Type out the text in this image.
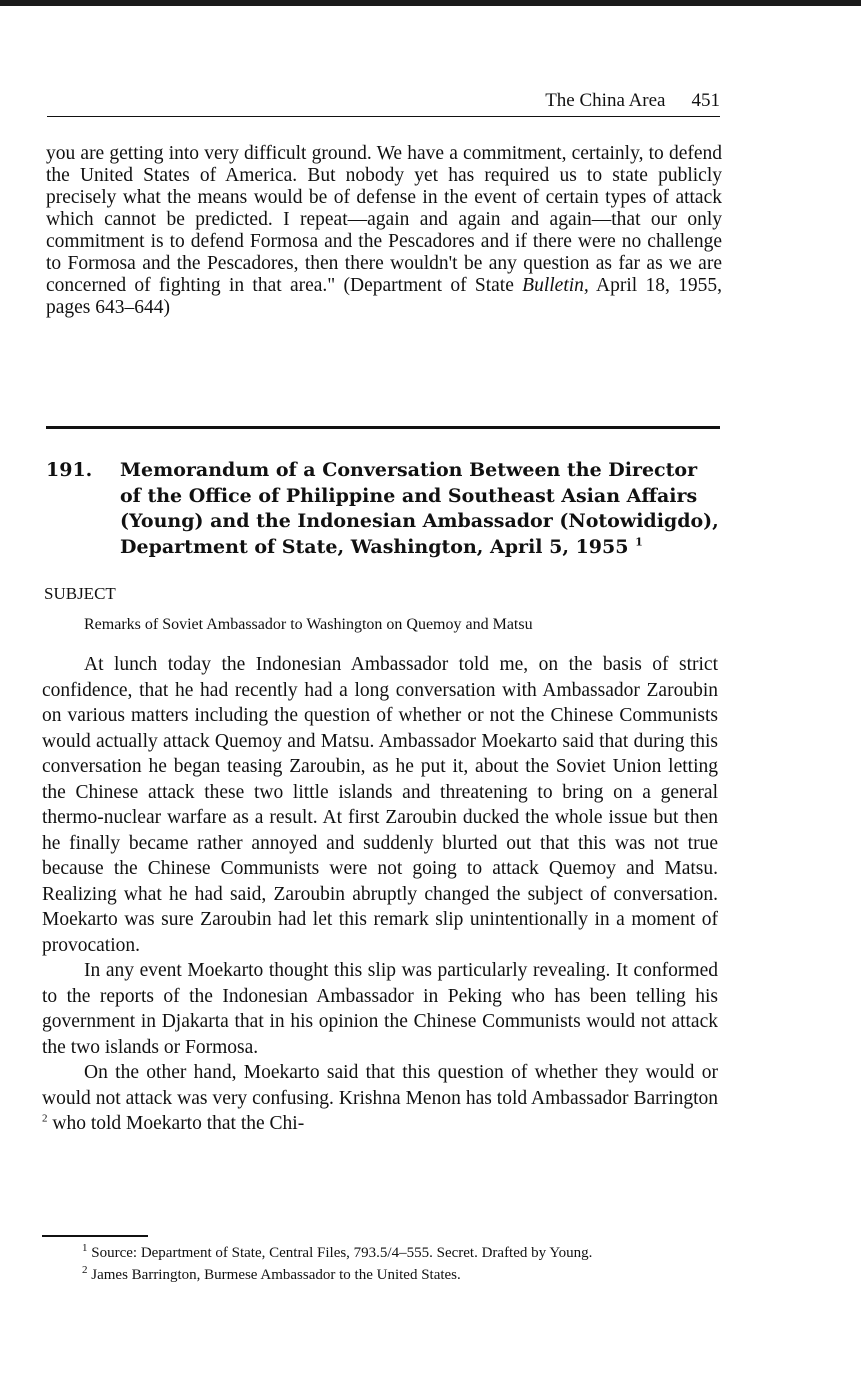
The China Area 451

you are getting into very difficult ground. We have a commitment, certainly, to defend the United States of America. But nobody yet has required us to state publicly precisely what the means would be of defense in the event of certain types of attack which cannot be predicted. I repeat—again and again and again—that our only commitment is to defend Formosa and the Pescadores and if there were no challenge to Formosa and the Pescadores, then there wouldn't be any question as far as we are concerned of fighting in that area." (Department of State Bulletin, April 18, 1955, pages 643–644)

191. Memorandum of a Conversation Between the Director of the Office of Philippine and Southeast Asian Affairs (Young) and the Indonesian Ambassador (Notowidigdo), Department of State, Washington, April 5, 1955 $^1$
SUBJECT
Remarks of Soviet Ambassador to Washington on Quemoy and Matsu

At lunch today the Indonesian Ambassador told me, on the basis of strict confidence, that he had recently had a long conversation with Ambassador Zaroubin on various matters including the question of whether or not the Chinese Communists would actually attack Quemoy and Matsu. Ambassador Moekarto said that during this conversation he began teasing Zaroubin, as he put it, about the Soviet Union letting the Chinese attack these two little islands and threatening to bring on a general thermo-nuclear warfare as a result. At first Zaroubin ducked the whole issue but then he finally became rather annoyed and suddenly blurted out that this was not true because the Chinese Communists were not going to attack Quemoy and Matsu. Realizing what he had said, Zaroubin abruptly changed the subject of conversation. Moekarto was sure Zaroubin had let this remark slip unintentionally in a moment of provocation.

In any event Moekarto thought this slip was particularly revealing. It conformed to the reports of the Indonesian Ambassador in Peking who has been telling his government in Djakarta that in his opinion the Chinese Communists would not attack the two islands or Formosa.

On the other hand, Moekarto said that this question of whether they would or would not attack was very confusing. Krishna Menon has told Ambassador Barrington $^2$ who told Moekarto that the Chi-

$^1$ Source: Department of State, Central Files, 793.5/4–555. Secret. Drafted by Young.

$^2$ James Barrington, Burmese Ambassador to the United States.
